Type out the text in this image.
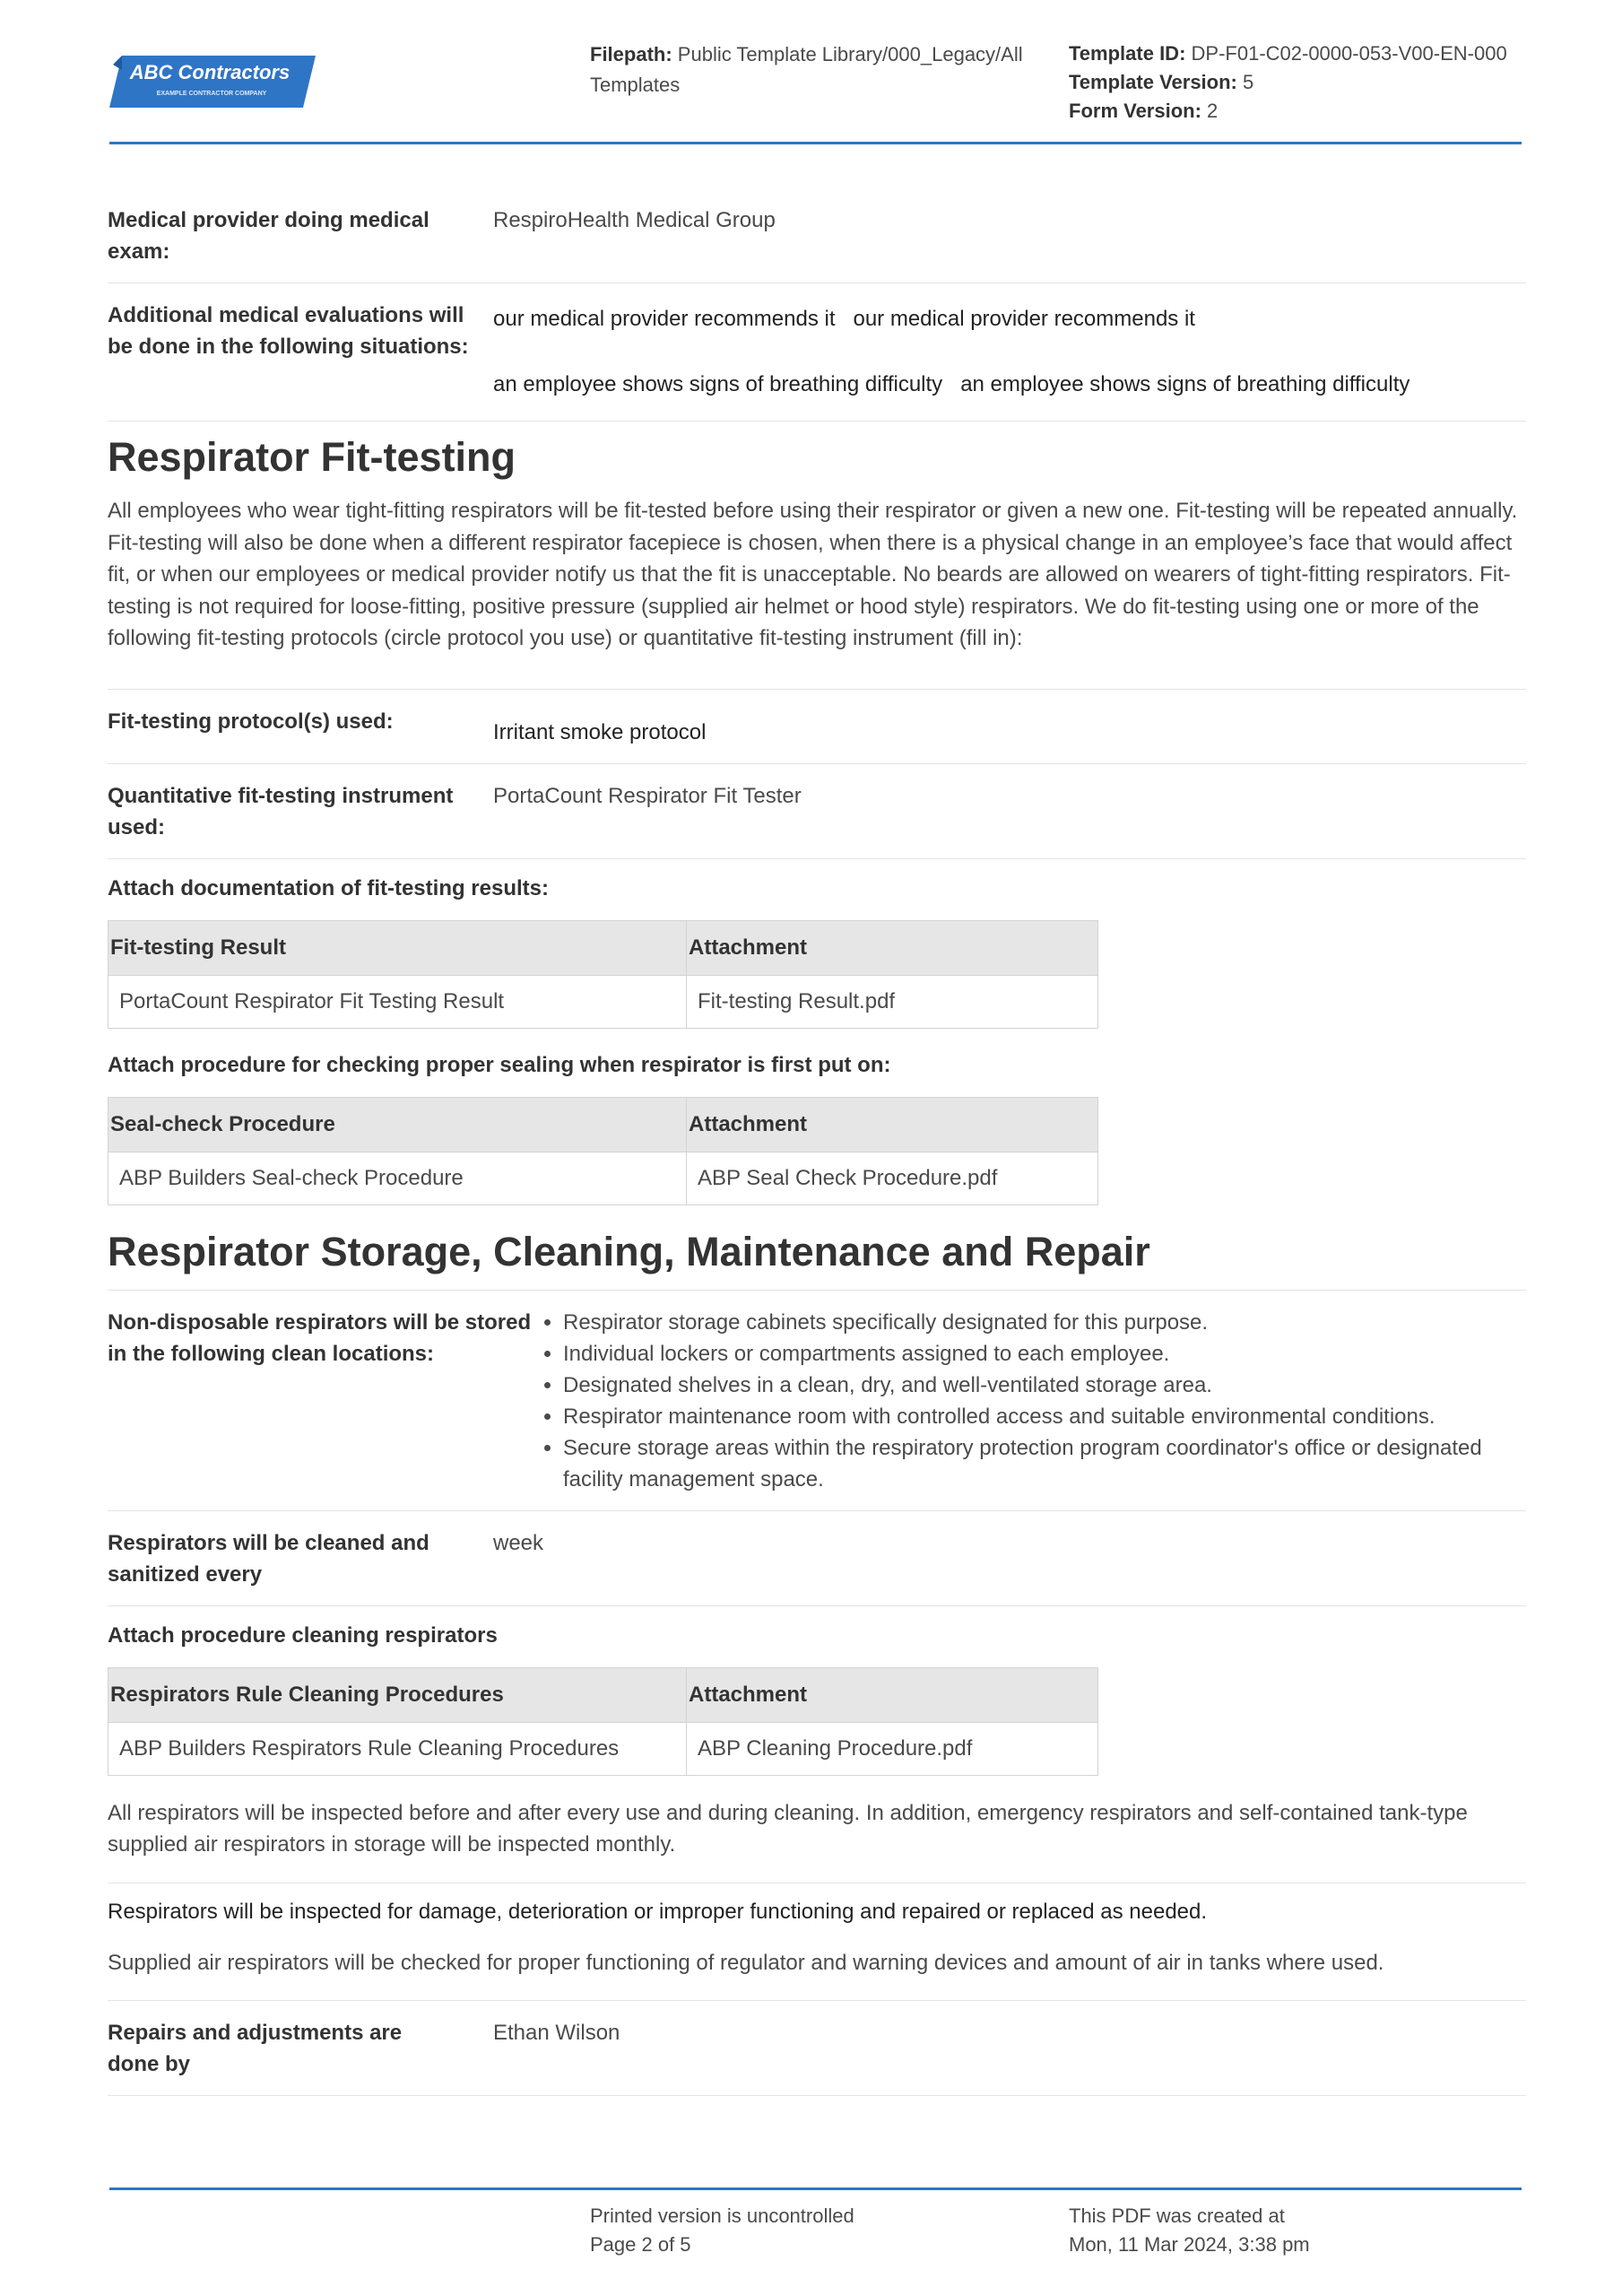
ABC Contractors
EXAMPLE CONTRACTOR COMPANY
Filepath: Public Template Library/000_Legacy/All
Templates
Template ID: DP-F01-C02-0000-053-V00-EN-000
Template Version: 5
Form Version: 2
Medical provider doing medical exam:
RespiroHealth Medical Group
Additional medical evaluations will be done in the following situations:
our medical provider recommends it our medical provider recommends it
an employee shows signs of breathing difficulty an employee shows signs of breathing difficulty
Respirator Fit-testing

All employees who wear tight-fitting respirators will be fit-tested before using their respirator or given a new one. Fit-testing will be repeated annually. Fit-testing will also be done when a different respirator facepiece is chosen, when there is a physical change in an employee’s face that would affect fit, or when our employees or medical provider notify us that the fit is unacceptable. No beards are allowed on wearers of tight-fitting respirators. Fit-testing is not required for loose-fitting, positive pressure (supplied air helmet or hood style) respirators. We do fit-testing using one or more of the following fit-testing protocols (circle protocol you use) or quantitative fit-testing instrument (fill in):

Fit-testing protocol(s) used:	Irritant smoke protocol
Quantitative fit-testing instrument used:
PortaCount Respirator Fit Tester
Attach documentation of fit-testing results:
Fit-testing Result	Attachment
PortaCount Respirator Fit Testing Result	Fit-testing Result.pdf
Attach procedure for checking proper sealing when respirator is first put on:
Seal-check Procedure	Attachment
ABP Builders Seal-check Procedure	ABP Seal Check Procedure.pdf
Respirator Storage, Cleaning, Maintenance and Repair
Non-disposable respirators will be stored in the following clean locations:
• Respirator storage cabinets specifically designated for this purpose.
• Individual lockers or compartments assigned to each employee.
• Designated shelves in a clean, dry, and well-ventilated storage area.
• Respirator maintenance room with controlled access and suitable environmental conditions.
• Secure storage areas within the respiratory protection program coordinator's office or designated facility management space.
Respirators will be cleaned and sanitized every
week
Attach procedure cleaning respirators
Respirators Rule Cleaning Procedures	Attachment
ABP Builders Respirators Rule Cleaning Procedures	ABP Cleaning Procedure.pdf

All respirators will be inspected before and after every use and during cleaning. In addition, emergency respirators and self-contained tank-type supplied air respirators in storage will be inspected monthly.

Respirators will be inspected for damage, deterioration or improper functioning and repaired or replaced as needed.
Supplied air respirators will be checked for proper functioning of regulator and warning devices and amount of air in tanks where used.
Repairs and adjustments are done by
Ethan Wilson
Printed version is uncontrolled
Page 2 of 5
This PDF was created at
Mon, 11 Mar 2024, 3:38 pm
